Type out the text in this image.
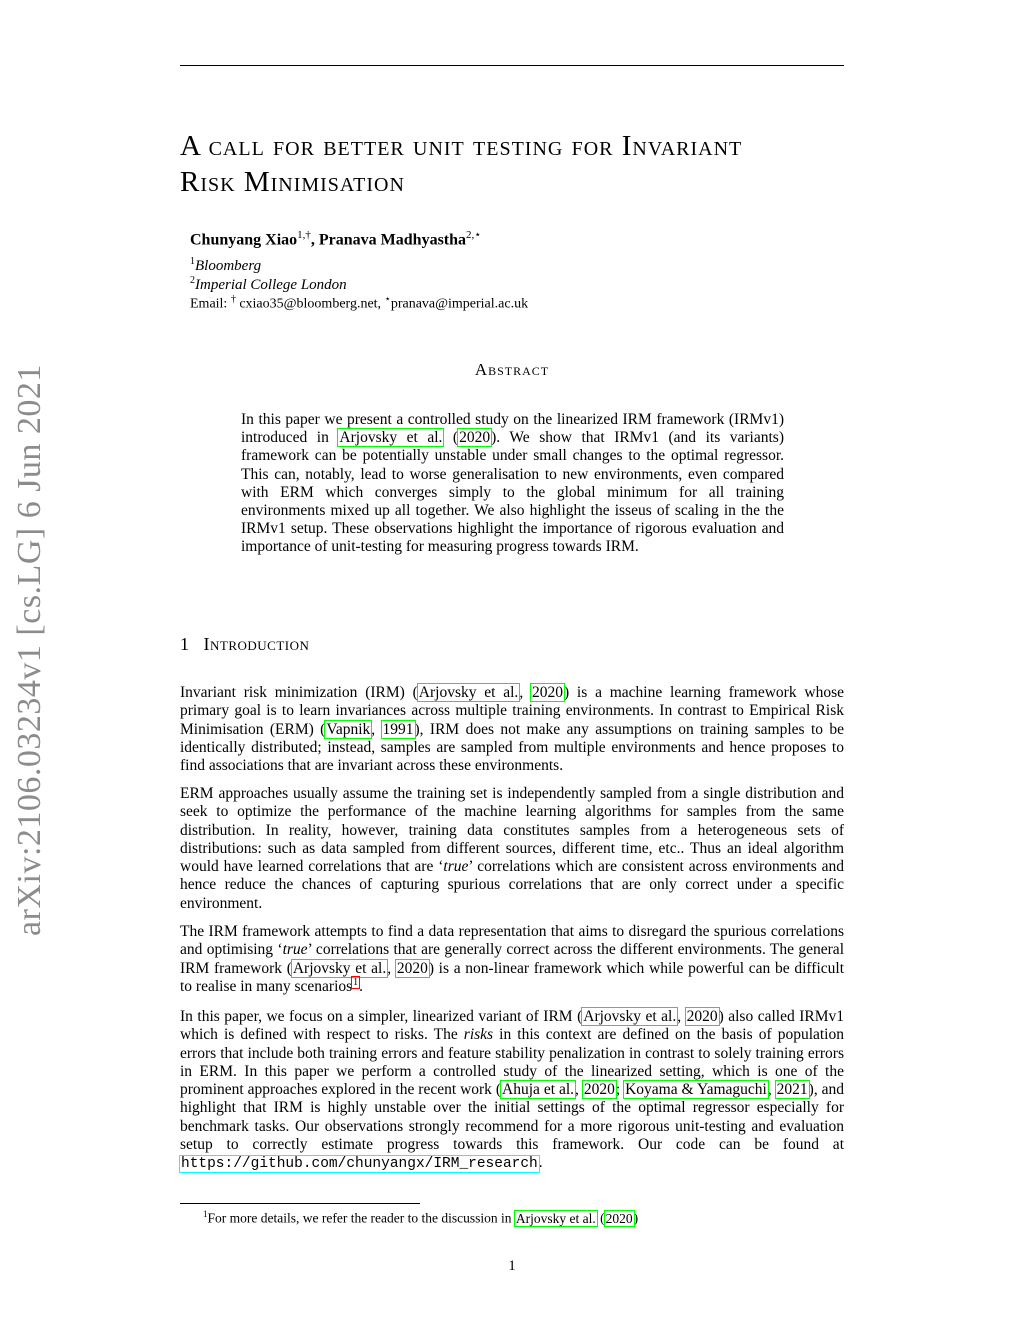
A call for better unit testing for Invariant
Risk Minimisation
Chunyang Xiao$^{1,\dagger}$, Pranava Madhyastha$^{2,⋆}$
$^1$Bloomberg
$^2$Imperial College London
Email: † cxiao35@bloomberg.net, ⋆pranava@imperial.ac.uk
arXiv:2106.03234v1 [cs.LG] 6 Jun 2021	Abstract
In this paper we present a controlled study on the linearized IRM framework (IRMv1) introduced in Arjovsky et al. (2020). We show that IRMv1 (and its variants) framework can be potentially unstable under small changes to the optimal regressor. This can, notably, lead to worse generalisation to new environments, even compared with ERM which converges simply to the global minimum for all training environments mixed up all together. We also highlight the isseus of scaling in the the IRMv1 setup. These observations highlight the importance of rigorous evaluation and importance of unit-testing for measuring progress towards IRM.
1 Introduction
Invariant risk minimization (IRM) (Arjovsky et al., 2020) is a machine learning framework whose primary goal is to learn invariances across multiple training environments. In contrast to Empirical Risk Minimisation (ERM) (Vapnik, 1991), IRM does not make any assumptions on training samples to be identically distributed; instead, samples are sampled from multiple environments and hence proposes to find associations that are invariant across these environments.
ERM approaches usually assume the training set is independently sampled from a single distribution and seek to optimize the performance of the machine learning algorithms for samples from the same distribution. In reality, however, training data constitutes samples from a heterogeneous sets of distributions: such as data sampled from different sources, different time, etc.. Thus an ideal algorithm would have learned correlations that are ‘true’ correlations which are consistent across environments and hence reduce the chances of capturing spurious correlations that are only correct under a specific environment.
The IRM framework attempts to find a data representation that aims to disregard the spurious correlations and optimising ‘true’ correlations that are generally correct across the different environments. The general IRM framework (Arjovsky et al., 2020) is a non-linear framework which while powerful can be difficult to realise in many scenarios$^1$.
In this paper, we focus on a simpler, linearized variant of IRM (Arjovsky et al., 2020) also called IRMv1 which is defined with respect to risks. The risks in this context are defined on the basis of population errors that include both training errors and feature stability penalization in contrast to solely training errors in ERM. In this paper we perform a controlled study of the linearized setting, which is one of the prominent approaches explored in the recent work (Ahuja et al., 2020; Koyama & Yamaguchi, 2021), and highlight that IRM is highly unstable over the initial settings of the optimal regressor especially for benchmark tasks. Our observations strongly recommend for a more rigorous unit-testing and evaluation setup to correctly estimate progress towards this framework. Our code can be found at https://github.com/chunyangx/IRM_research.
$^1$For more details, we refer the reader to the discussion in Arjovsky et al. (2020)
1
